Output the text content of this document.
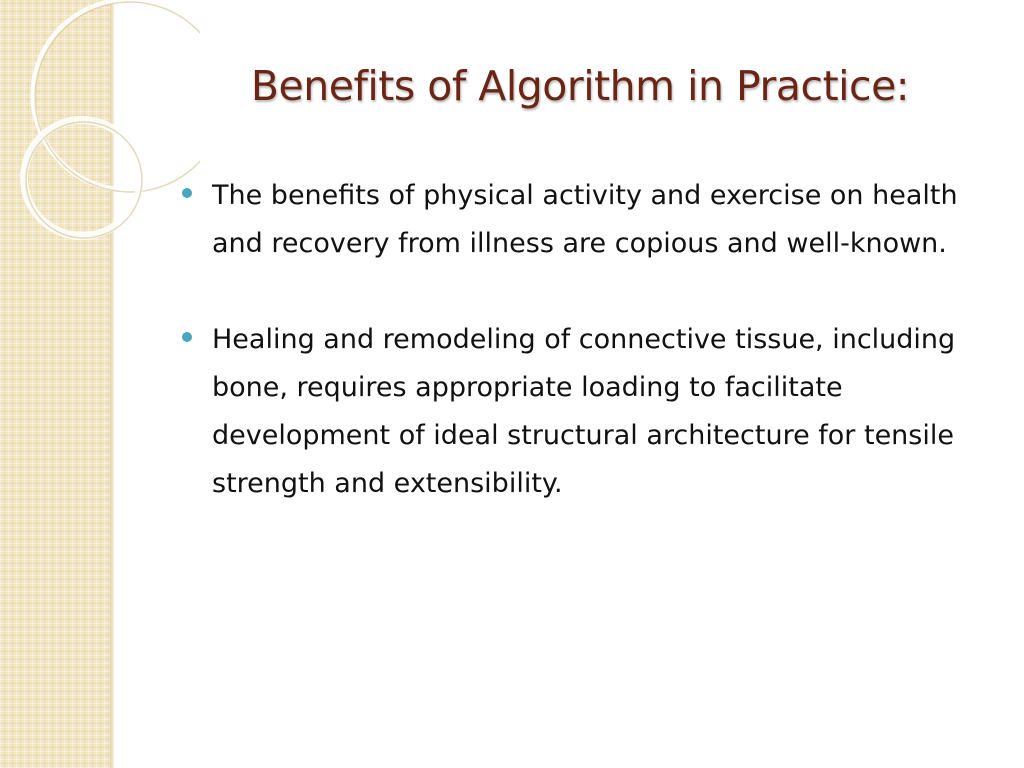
Benefits of Algorithm in Practice:
The benefits of physical activity and exercise on health and recovery from illness are copious and well-known.
Healing and remodeling of connective tissue, including bone, requires appropriate loading to facilitate development of ideal structural architecture for tensile strength and extensibility.
